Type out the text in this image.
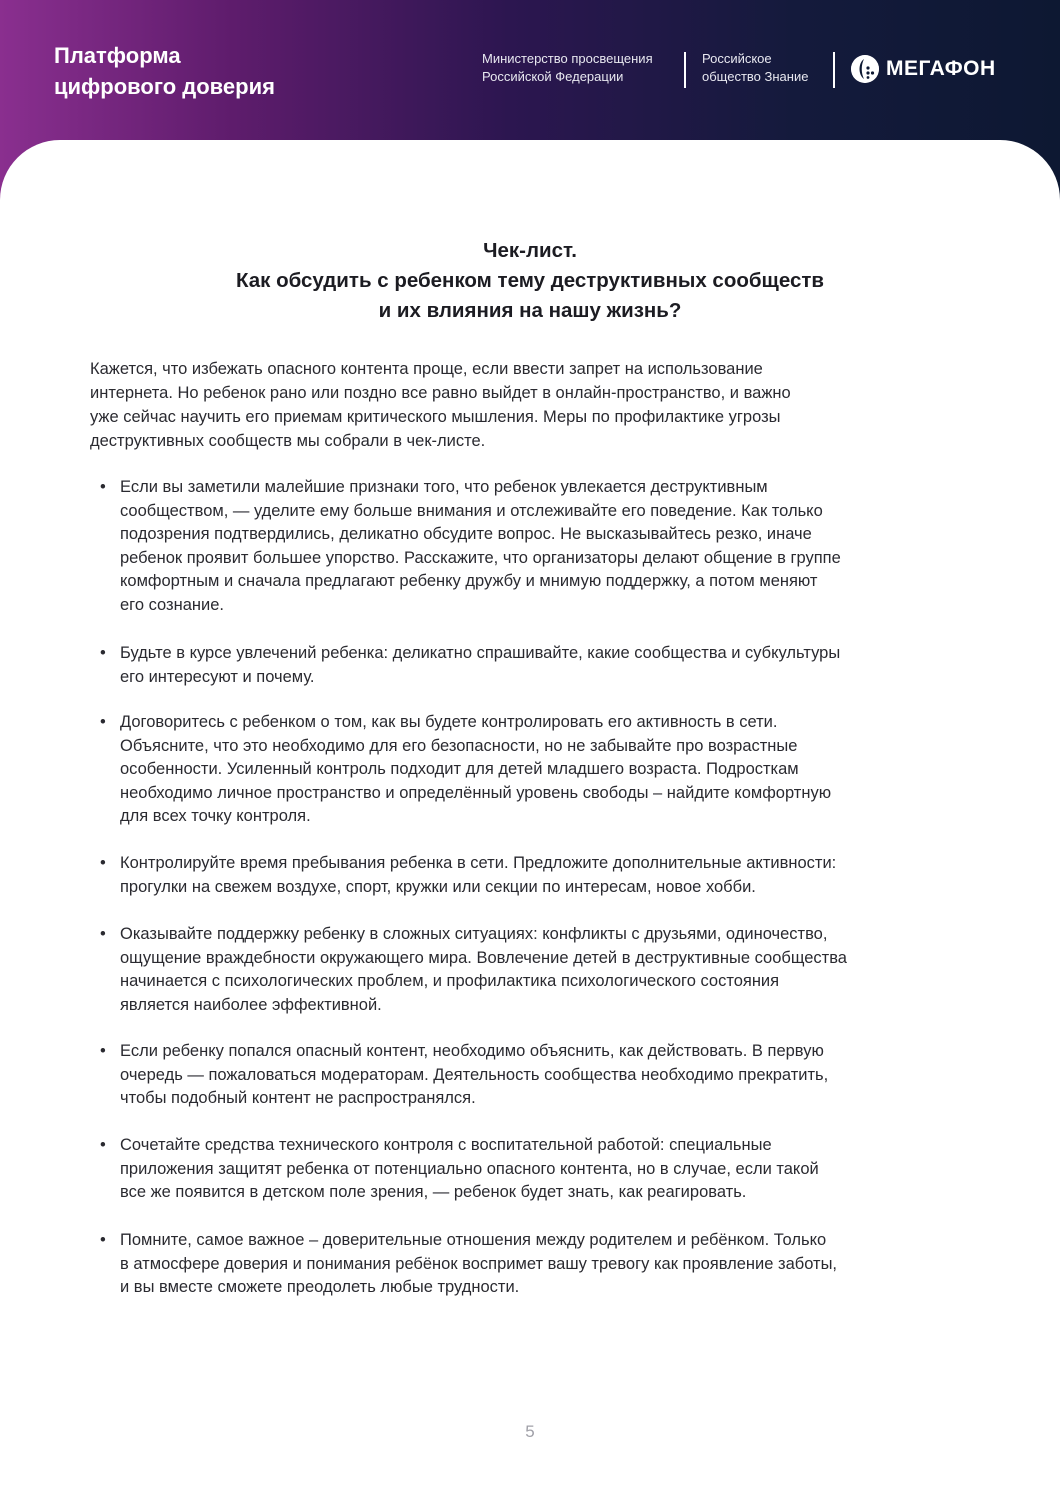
Платформа
цифрового доверия
Министерство просвещения
Российской Федерации
Российское
общество Знание	МЕГАФОН
Чек-лист.
Как обсудить с ребенком тему деструктивных сообществ
и их влияния на нашу жизнь?

Кажется, что избежать опасного контента проще, если ввести запрет на использование
интернета. Но ребенок рано или поздно все равно выйдет в онлайн-пространство, и важно
уже сейчас научить его приемам критического мышления. Меры по профилактике угрозы
деструктивных сообществ мы собрали в чек-листе.

• Если вы заметили малейшие признаки того, что ребенок увлекается деструктивным
сообществом, — уделите ему больше внимания и отслеживайте его поведение. Как только
подозрения подтвердились, деликатно обсудите вопрос. Не высказывайтесь резко, иначе
ребенок проявит большее упорство. Расскажите, что организаторы делают общение в группе
комфортным и сначала предлагают ребенку дружбу и мнимую поддержку, а потом меняют
его сознание.
• Будьте в курсе увлечений ребенка: деликатно спрашивайте, какие сообщества и субкультуры
его интересуют и почему.
• Договоритесь с ребенком о том, как вы будете контролировать его активность в сети.
Объясните, что это необходимо для его безопасности, но не забывайте про возрастные
особенности. Усиленный контроль подходит для детей младшего возраста. Подросткам
необходимо личное пространство и определённый уровень свободы – найдите комфортную
для всех точку контроля.
• Контролируйте время пребывания ребенка в сети. Предложите дополнительные активности:
прогулки на свежем воздухе, спорт, кружки или секции по интересам, новое хобби.
• Оказывайте поддержку ребенку в сложных ситуациях: конфликты с друзьями, одиночество,
ощущение враждебности окружающего мира. Вовлечение детей в деструктивные сообщества
начинается с психологических проблем, и профилактика психологического состояния
является наиболее эффективной.
• Если ребенку попался опасный контент, необходимо объяснить, как действовать. В первую
очередь — пожаловаться модераторам. Деятельность сообщества необходимо прекратить,
чтобы подобный контент не распространялся.
• Сочетайте средства технического контроля с воспитательной работой: специальные
приложения защитят ребенка от потенциально опасного контента, но в случае, если такой
все же появится в детском поле зрения, — ребенок будет знать, как реагировать.
• Помните, самое важное – доверительные отношения между родителем и ребёнком. Только
в атмосфере доверия и понимания ребёнок воспримет вашу тревогу как проявление заботы,
и вы вместе сможете преодолеть любые трудности.
5
